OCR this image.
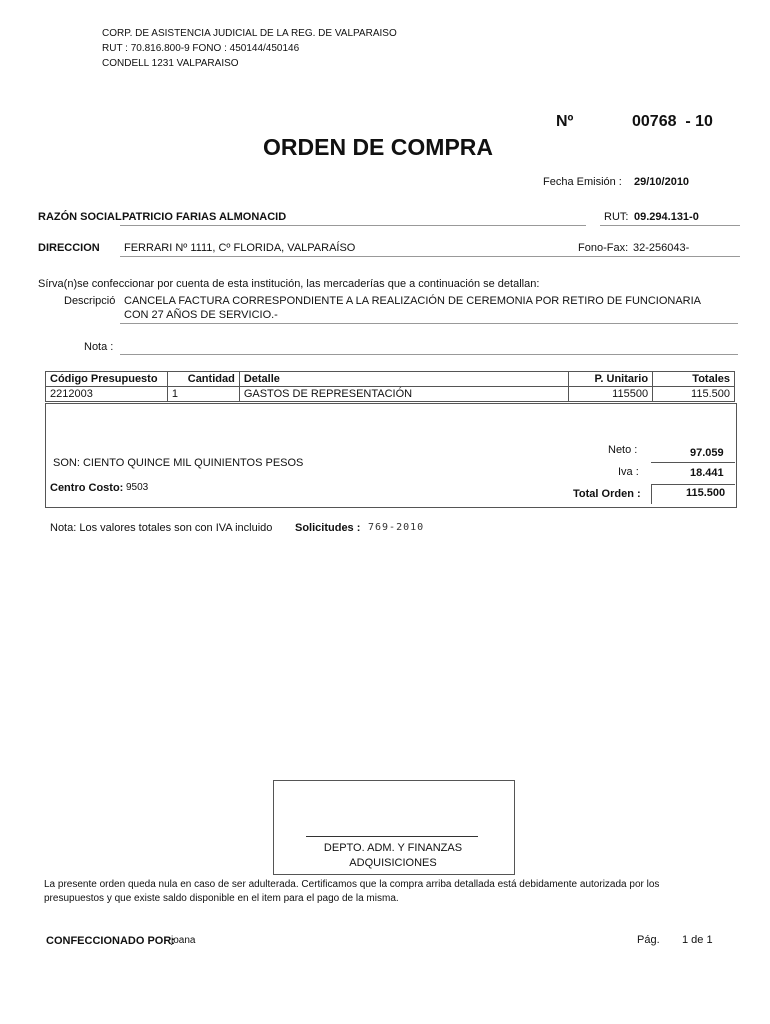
CORP. DE ASISTENCIA JUDICIAL DE LA REG. DE VALPARAISO
RUT : 70.816.800-9 FONO : 450144/450146
CONDELL 1231 VALPARAISO
Nº	00768  - 10
ORDEN DE COMPRA
Fecha Emisión : 29/10/2010
RAZÓN SOCIAL PATRICIO FARIAS ALMONACID	RUT: 09.294.131-0
DIRECCION FERRARI Nº 1111, Cº FLORIDA, VALPARAÍSO	Fono-Fax: 32-256043-
Sírva(n)se confeccionar por cuenta de esta institución, las mercaderías que a continuación se detallan:
Descripció CANCELA FACTURA CORRESPONDIENTE A LA REALIZACIÓN DE CEREMONIA POR RETIRO DE FUNCIONARIA
CON 27 AÑOS DE SERVICIO.-
Nota :
Código Presupuesto	Cantidad	Detalle	P. Unitario	Totales
2212003	1	GASTOS DE REPRESENTACIÓN	115500	115.500
SON: CIENTO QUINCE MIL QUINIENTOS PESOS
Centro Costo: 9503
Neto :	97.059
Iva :	18.441
Total Orden :	115.500
Nota: Los valores totales son con IVA incluido Solicitudes : 769-2010
DEPTO. ADM. Y FINANZAS
ADQUISICIONES
La presente orden queda nula en caso de ser adulterada. Certificamos que la compra arriba detallada está debidamente autorizada por los
presupuestos y que existe saldo disponible en el item para el pago de la misma.
CONFECCIONADO POR:
joana	Pág. 1 de 1
